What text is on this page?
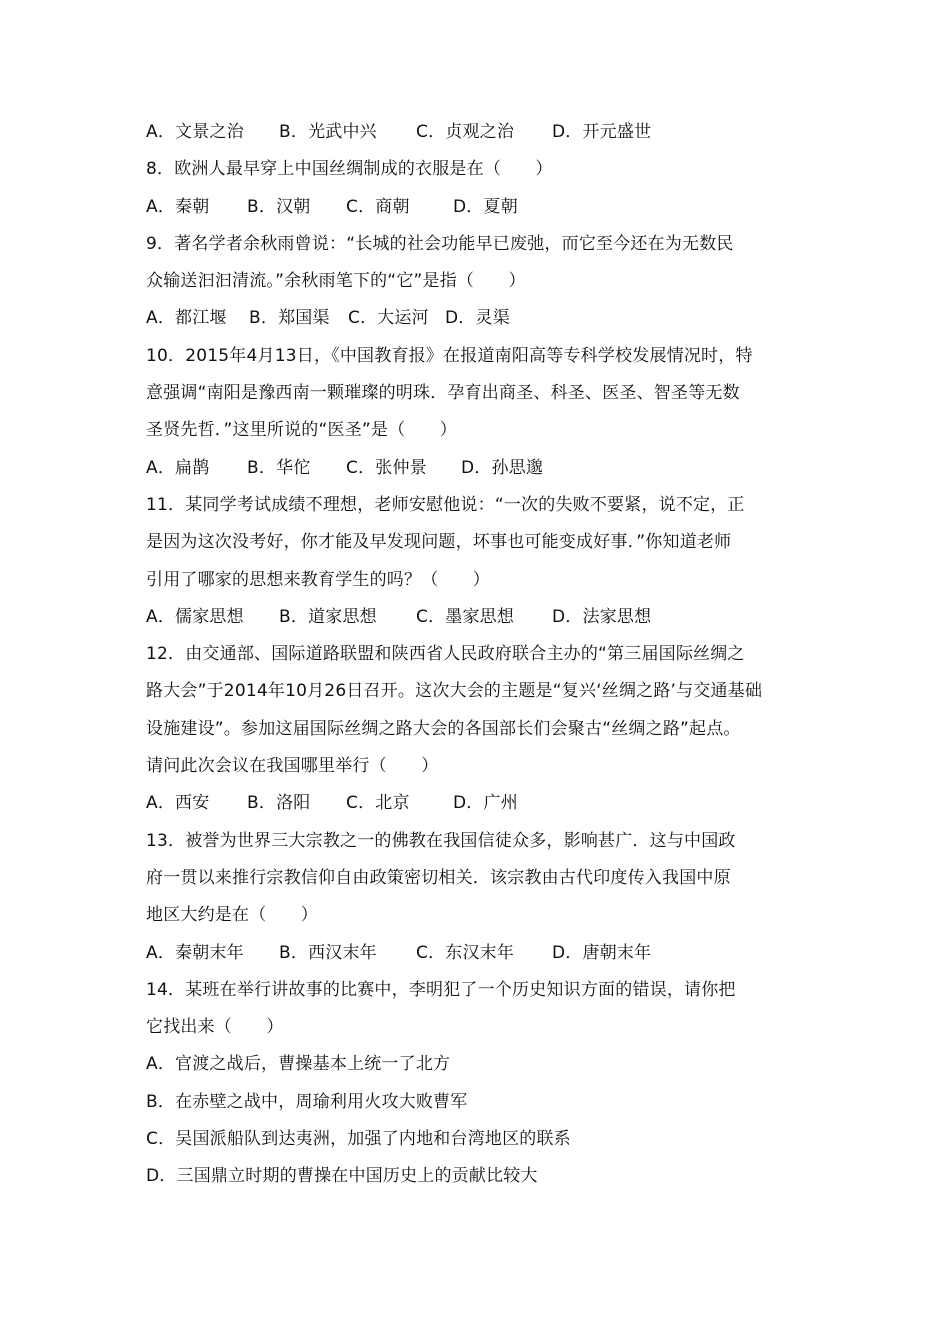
A．文景之治	B．光武中兴	C．贞观之治	D．开元盛世
8．欧洲人最早穿上中国丝绸制成的衣服是在（　　）
A．秦朝	B．汉朝	C．商朝	D．夏朝
9．著名学者余秋雨曾说：“长城的社会功能早已废弛，而它至今还在为无数民
众输送汩汩清流。”余秋雨笔下的“它”是指（　　）
A．都江堰	B．郑国渠	C．大运河 D．灵渠
10．2015年4月13日，《中国教育报》在报道南阳高等专科学校发展情况时，特
意强调“南阳是豫西南一颗璀璨的明珠．孕育出商圣、科圣、医圣、智圣等无数
圣贤先哲．”这里所说的“医圣”是（　　）
A．扁鹊	B．华佗	C．张仲景	D．孙思邈
11．某同学考试成绩不理想，老师安慰他说：“一次的失败不要紧，说不定，正
是因为这次没考好，你才能及早发现问题，坏事也可能变成好事．”你知道老师
引用了哪家的思想来教育学生的吗？（　　）
A．儒家思想	B．道家思想	C．墨家思想	D．法家思想
12．由交通部、国际道路联盟和陕西省人民政府联合主办的“第三届国际丝绸之
路大会”于2014年10月26日召开。这次大会的主题是“复兴‘丝绸之路’与交通基础
设施建设”。参加这届国际丝绸之路大会的各国部长们会聚古“丝绸之路”起点。
请问此次会议在我国哪里举行（　　）
A．西安	B．洛阳	C．北京	D．广州
13．被誉为世界三大宗教之一的佛教在我国信徒众多，影响甚广．这与中国政
府一贯以来推行宗教信仰自由政策密切相关．该宗教由古代印度传入我国中原
地区大约是在（　　）
A．秦朝末年	B．西汉末年	C．东汉末年	D．唐朝末年
14．某班在举行讲故事的比赛中，李明犯了一个历史知识方面的错误，请你把
它找出来（　　）
A．官渡之战后，曹操基本上统一了北方
B．在赤壁之战中，周瑜利用火攻大败曹军
C．吴国派船队到达夷洲，加强了内地和台湾地区的联系
D．三国鼎立时期的曹操在中国历史上的贡献比较大
